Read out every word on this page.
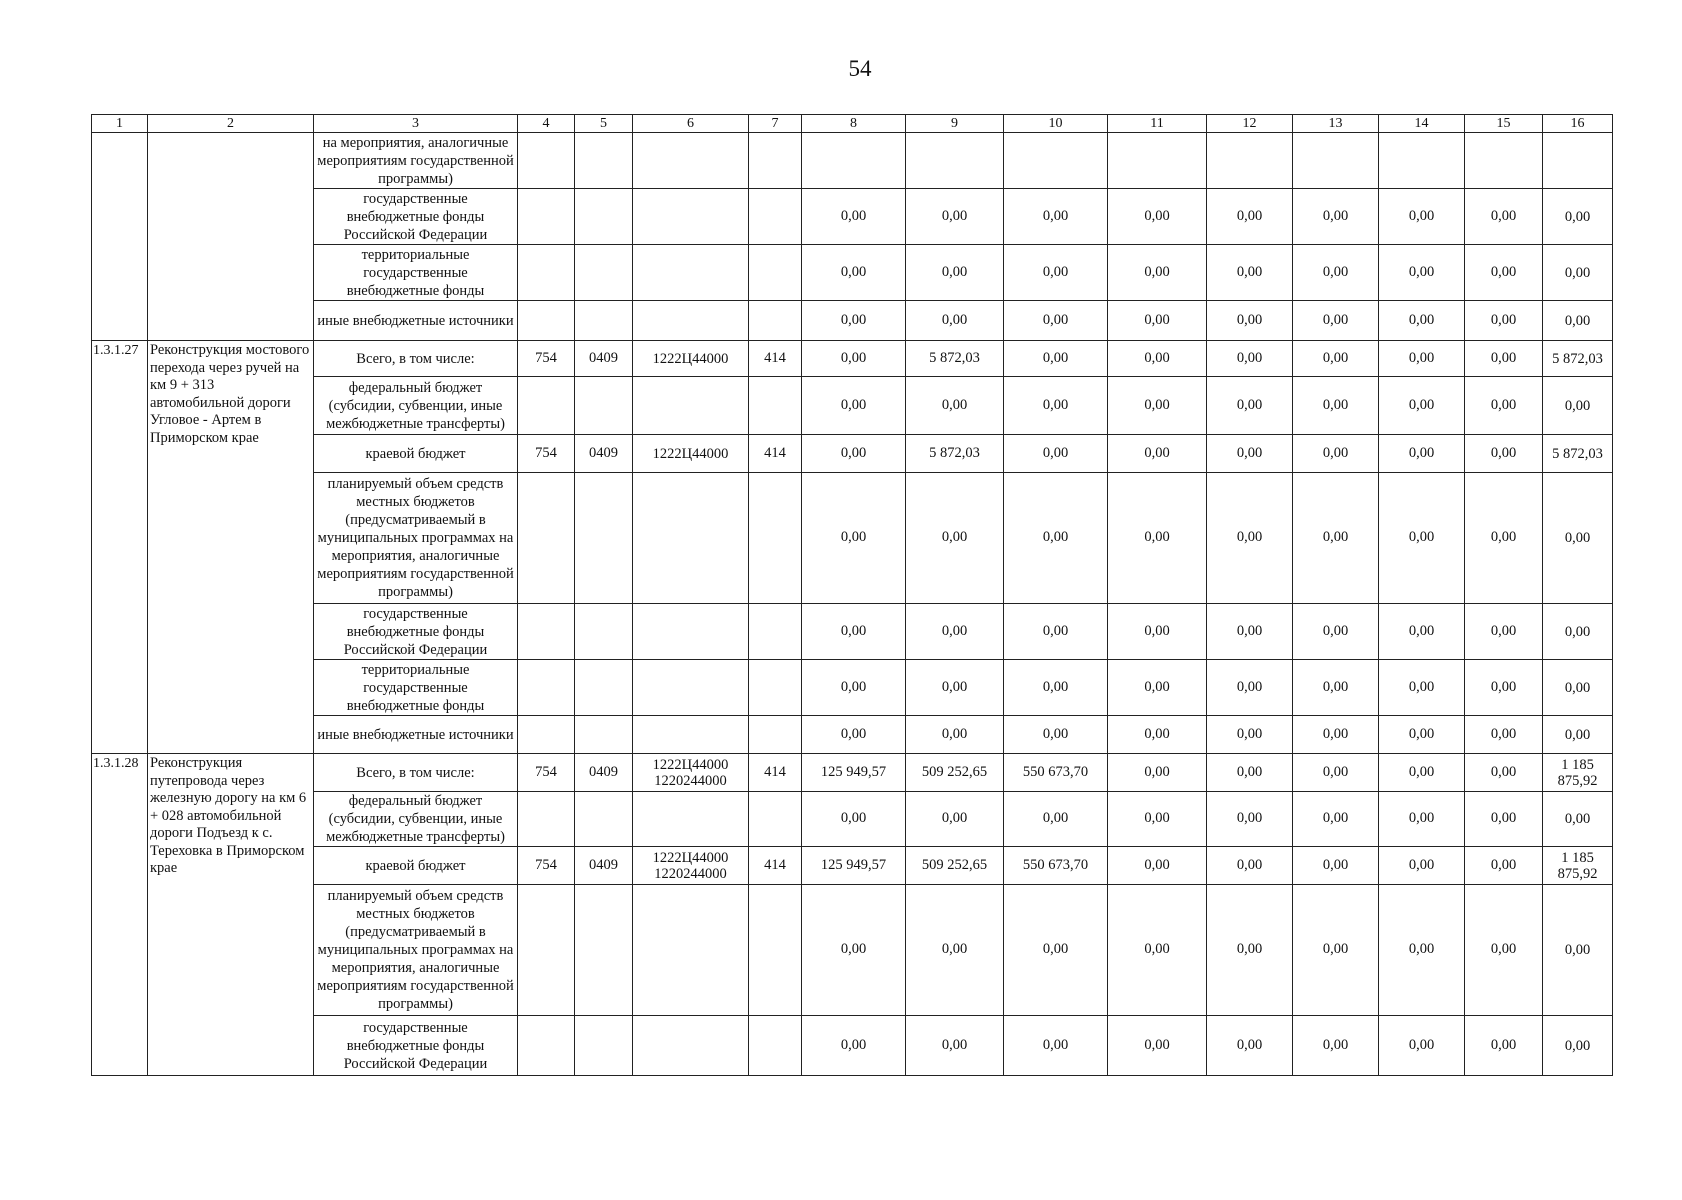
54
1	2	3	4	5	6	7	8	9	10	11	12	13	14	15	16
		на мероприятия, аналогичные мероприятиям государственной программы)													
		государственные внебюджетные фонды Российской Федерации					0,00	0,00	0,00	0,00	0,00	0,00	0,00	0,00	0,00
		территориальные государственные внебюджетные фонды					0,00	0,00	0,00	0,00	0,00	0,00	0,00	0,00	0,00
		иные внебюджетные источники					0,00	0,00	0,00	0,00	0,00	0,00	0,00	0,00	0,00
1.3.1.27	Реконструкция мостового перехода через ручей на км 9 + 313 автомобильной дороги Угловое - Артем в Приморском крае	Всего, в том числе:	754	0409	1222Ц44000	414	0,00	5 872,03	0,00	0,00	0,00	0,00	0,00	0,00	5 872,03
		федеральный бюджет (субсидии, субвенции, иные межбюджетные трансферты)					0,00	0,00	0,00	0,00	0,00	0,00	0,00	0,00	0,00
		краевой бюджет	754	0409	1222Ц44000	414	0,00	5 872,03	0,00	0,00	0,00	0,00	0,00	0,00	5 872,03
		планируемый объем средств местных бюджетов (предусматриваемый в муниципальных программах на мероприятия, аналогичные мероприятиям государственной программы)					0,00	0,00	0,00	0,00	0,00	0,00	0,00	0,00	0,00
		государственные внебюджетные фонды Российской Федерации					0,00	0,00	0,00	0,00	0,00	0,00	0,00	0,00	0,00
		территориальные государственные внебюджетные фонды					0,00	0,00	0,00	0,00	0,00	0,00	0,00	0,00	0,00
		иные внебюджетные источники					0,00	0,00	0,00	0,00	0,00	0,00	0,00	0,00	0,00
1.3.1.28	Реконструкция путепровода через железную дорогу на км 6 + 028 автомобильной дороги Подъезд к с. Тереховка в Приморском крае	Всего, в том числе:	754	0409	1222Ц44000 1220244000	414	125 949,57	509 252,65	550 673,70	0,00	0,00	0,00	0,00	0,00	1 185 875,92
		федеральный бюджет (субсидии, субвенции, иные межбюджетные трансферты)					0,00	0,00	0,00	0,00	0,00	0,00	0,00	0,00	0,00
		краевой бюджет	754	0409	1222Ц44000 1220244000	414	125 949,57	509 252,65	550 673,70	0,00	0,00	0,00	0,00	0,00	1 185 875,92
		планируемый объем средств местных бюджетов (предусматриваемый в муниципальных программах на мероприятия, аналогичные мероприятиям государственной программы)					0,00	0,00	0,00	0,00	0,00	0,00	0,00	0,00	0,00
		государственные внебюджетные фонды Российской Федерации					0,00	0,00	0,00	0,00	0,00	0,00	0,00	0,00	0,00
